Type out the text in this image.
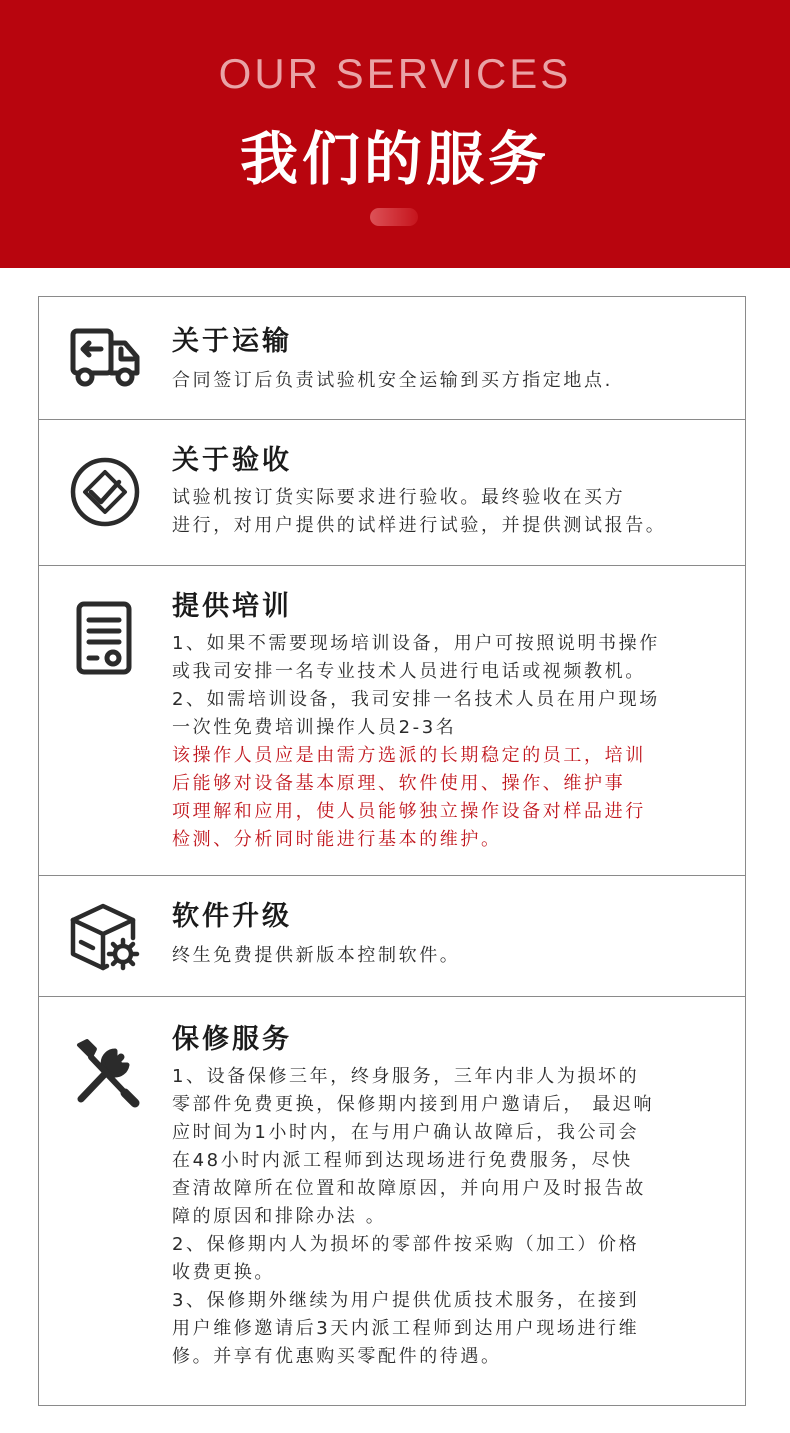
OUR SERVICES
我们的服务
关于运输
合同签订后负责试验机安全运输到买方指定地点.
关于验收
试验机按订货实际要求进行验收。最终验收在买方
进行，对用户提供的试样进行试验，并提供测试报告。
提供培训
1、如果不需要现场培训设备，用户可按照说明书操作
或我司安排一名专业技术人员进行电话或视频教机。
2、如需培训设备，我司安排一名技术人员在用户现场
一次性免费培训操作人员2-3名
该操作人员应是由需方选派的长期稳定的员工，培训
后能够对设备基本原理、软件使用、操作、维护事
项理解和应用，使人员能够独立操作设备对样品进行
检测、分析同时能进行基本的维护。
软件升级
终生免费提供新版本控制软件。
保修服务
1、设备保修三年，终身服务，三年内非人为损坏的
零部件免费更换，保修期内接到用户邀请后， 最迟响
应时间为1小时内，在与用户确认故障后，我公司会
在48小时内派工程师到达现场进行免费服务，尽快
查清故障所在位置和故障原因，并向用户及时报告故
障的原因和排除办法 。
2、保修期内人为损坏的零部件按采购（加工）价格
收费更换。
3、保修期外继续为用户提供优质技术服务，在接到
用户维修邀请后3天内派工程师到达用户现场进行维
修。并享有优惠购买零配件的待遇。
